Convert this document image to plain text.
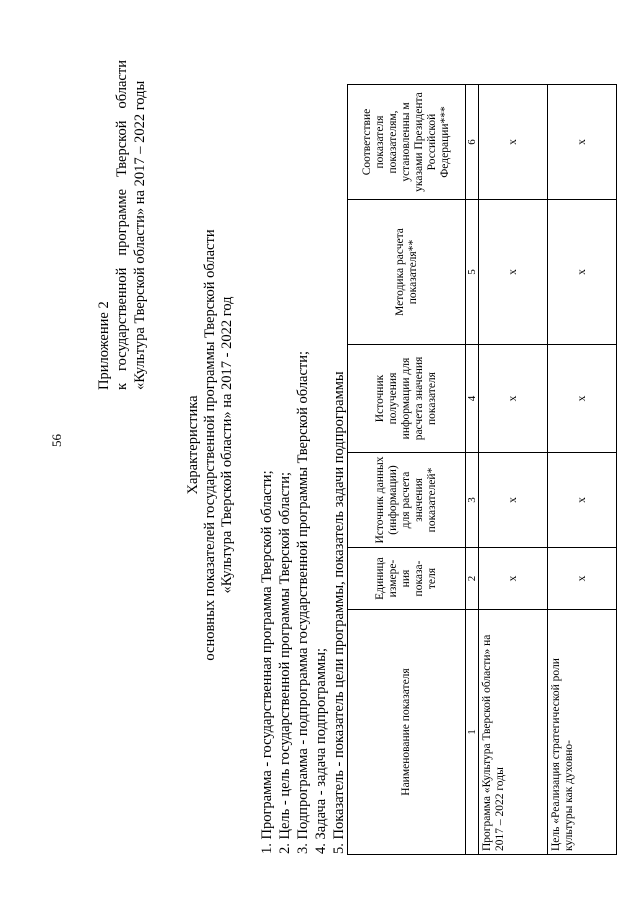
56
Приложение 2 к
государственной
программе
Тверской
области «Культура Тверской области» на 2017 – 2022 годы
Характеристика основных показателей государственной программы Тверской области «Культура Тверской области» на 2017 - 2022 год
1. Программа - государственная программа Тверской области; 2. Цель - цель государственной программы Тверской области; 3. Подпрограмма - подпрограмма государственной программы Тверской области; 4. Задача - задача подпрограммы; 5. Показатель - показатель цели программы, показатель задачи подпрограммы	Наименование показателя	Единица измере-ния показа-теля	Источник данных (информации) для расчета значения показателей*	Источник получения информации для расчета значения показателя	Методика расчета показателя**	Соответствие показателя показателям, установленны м указами Президента Российской Федерации***
1	2	3	4	5	6
Программа «Культура Тверской области» на 2017 – 2022 годы	х	х	х	х	х
Цель «Реализация стратегической роли культуры как духовно-	х	х	х	х	х
